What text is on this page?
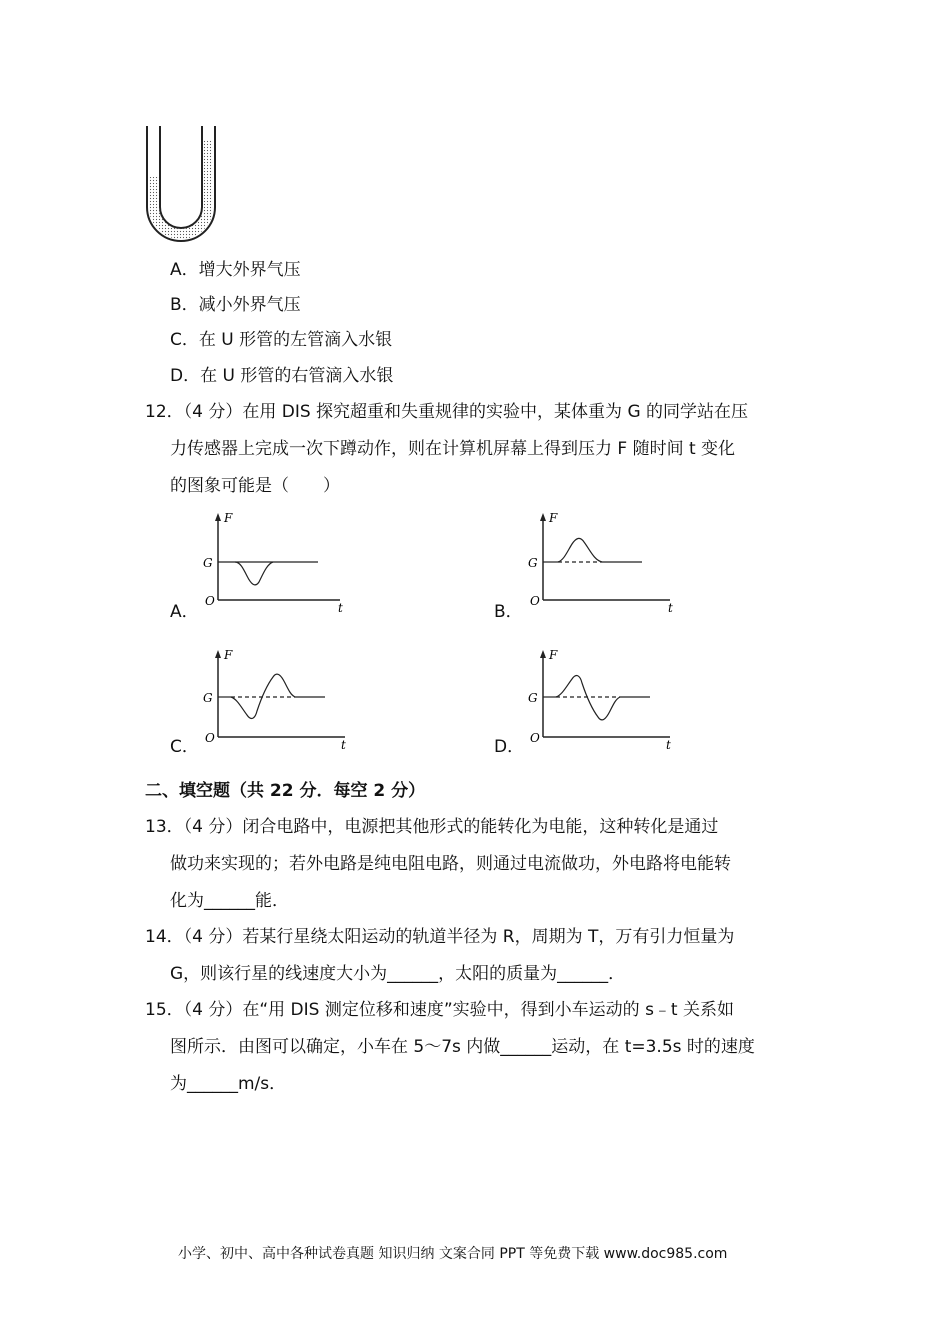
A．增大外界气压
B．减小外界气压
C．在 U 形管的左管滴入水银
D．在 U 形管的右管滴入水银
12．（4 分）在用 DIS 探究超重和失重规律的实验中，某体重为 G 的同学站在压
力传感器上完成一次下蹲动作，则在计算机屏幕上得到压力 F 随时间 t 变化
的图象可能是（　　）
A．
F
G
O	t	B．
F
G
O	t
C．
F
G
O	t	D．
F
G
O	t
二、填空题（共 22 分．每空 2 分）
13．（4 分）闭合电路中，电源把其他形式的能转化为电能，这种转化是通过
做功来实现的；若外电路是纯电阻电路，则通过电流做功，外电路将电能转
化为______能．
14．（4 分）若某行星绕太阳运动的轨道半径为 R，周期为 T，万有引力恒量为
G，则该行星的线速度大小为______，太阳的质量为______．
15．（4 分）在“用 DIS 测定位移和速度”实验中，得到小车运动的 s﹣t 关系如
图所示．由图可以确定，小车在 5～7s 内做______运动，在 t=3.5s 时的速度
为______m/s．
小学、初中、高中各种试卷真题 知识归纳 文案合同 PPT 等免费下载 www.doc985.com
